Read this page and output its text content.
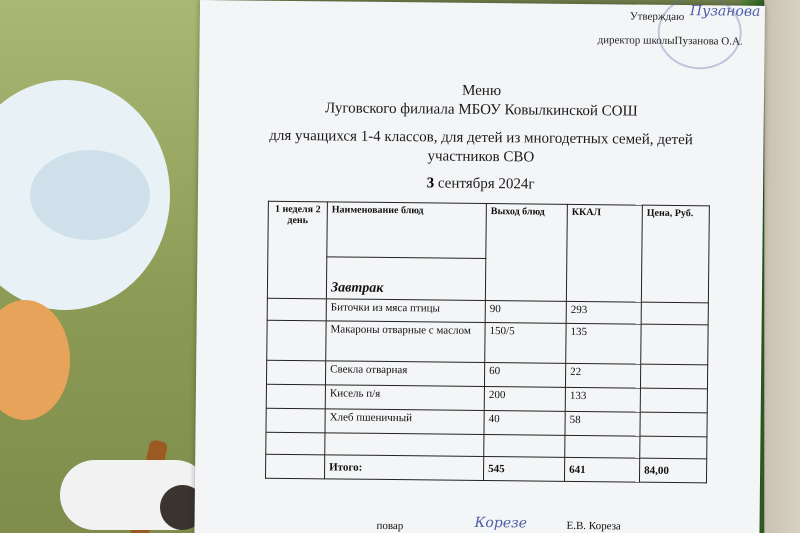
Утверждаю Пузанова
директор школыПузанова О.А.
Меню
Луговского филиала МБОУ Ковылкинской СОШ
для учащихся 1-4 классов, для детей из многодетных семей, детей
участников СВО
3 сентября 2024г
1 неделя 2 день	Наименование блюд	Выход блюд	ККАЛ	Цена, Руб.
	Завтрак			
	Биточки из мяса птицы	90	293	
	Макароны отварные с маслом	150/5	135	
	Свекла отварная	60	22	
	Кисель п/я	200	133	
	Хлеб пшеничный	40	58	

	Итого:	545	641	84,00
повар	Корезе	Е.В. Кореза
